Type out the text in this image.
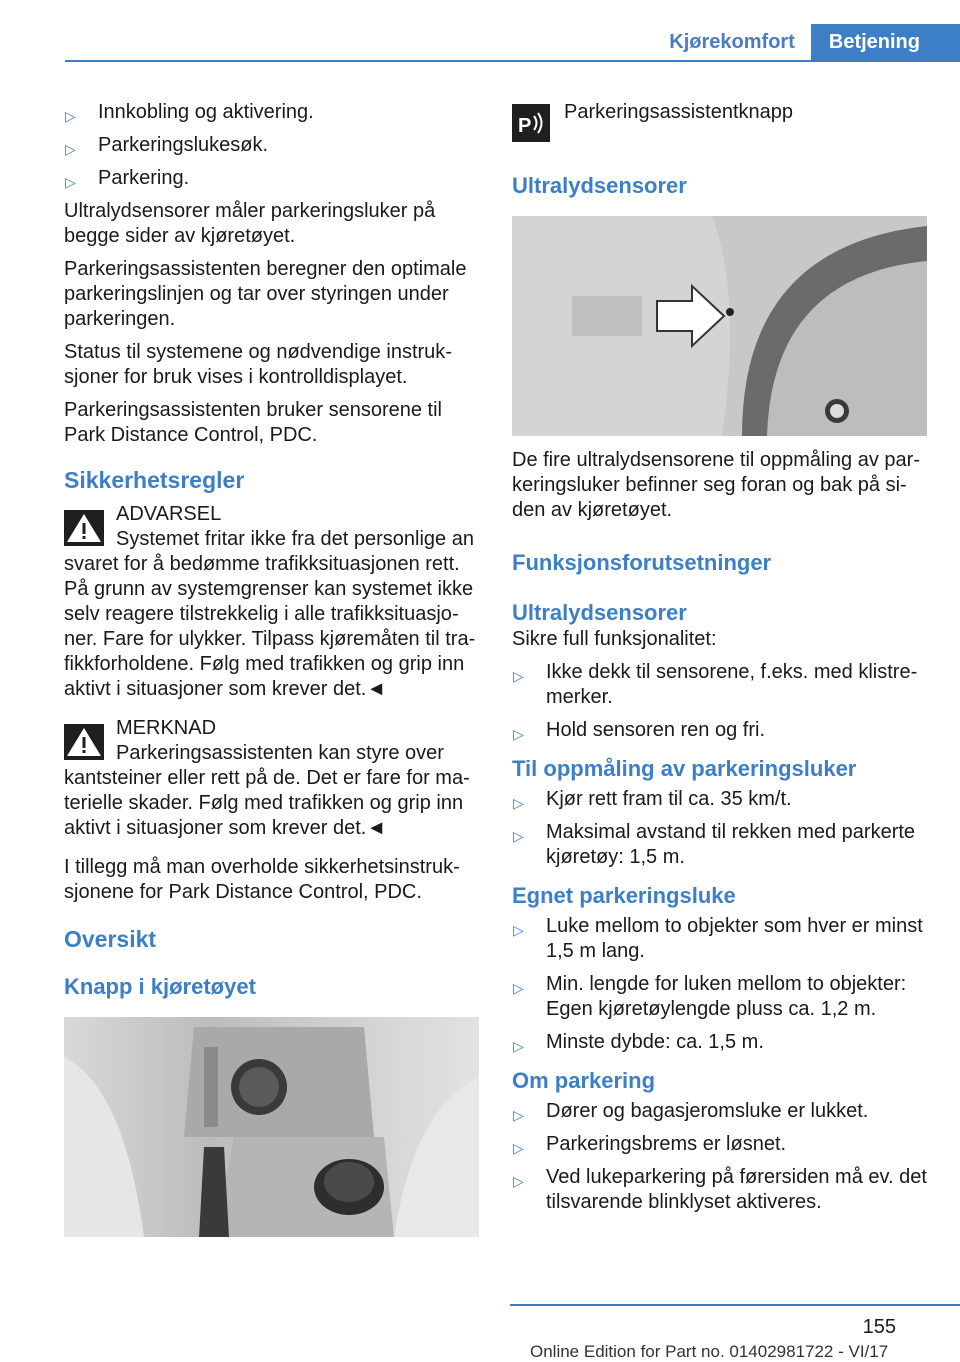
Kjørekomfort	Betjening
▷ Innkobling og aktivering.
▷ Parkeringslukesøk.
▷ Parkering.

Ultralydsensorer måler parkeringsluker på begge sider av kjøretøyet.

Parkeringsassistenten beregner den optimale parkeringslinjen og tar over styringen under parkeringen.

Status til systemene og nødvendige instruksjoner for bruk vises i kontrolldisplayet.

Parkeringsassistenten bruker sensorene til Park Distance Control, PDC.

Sikkerhetsregler
ADVARSEL
Systemet fritar ikke fra det personlige an
svaret for å bedømme trafikksituasjonen rett. På grunn av systemgrenser kan systemet ikke selv reagere tilstrekkelig i alle trafikksituasjoner. Fare for ulykker. Tilpass kjøremåten til trafikkforholdene. Følg med trafikken og grip inn aktivt i situasjoner som krever det.◄
MERKNAD
Parkeringsassistenten kan styre over
kantsteiner eller rett på de. Det er fare for materielle skader. Følg med trafikken og grip inn aktivt i situasjoner som krever det.◄

I tillegg må man overholde sikkerhetsinstruksjonene for Park Distance Control, PDC.

Oversikt
Knapp i kjøretøyet
P
Parkeringsassistentknapp
Ultralydsensorer

De fire ultralydsensorene til oppmåling av parkeringsluker befinner seg foran og bak på siden av kjøretøyet.

Funksjonsforutsetninger
Ultralydsensorer

Sikre full funksjonalitet:

▷ Ikke dekk til sensorene, f.eks. med klistremerker.
▷ Hold sensoren ren og fri.
Til oppmåling av parkeringsluker
▷ Kjør rett fram til ca. 35 km/t.
▷ Maksimal avstand til rekken med parkerte kjøretøy: 1,5 m.
Egnet parkeringsluke
▷ Luke mellom to objekter som hver er minst 1,5 m lang.
▷ Min. lengde for luken mellom to objekter: Egen kjøretøylengde pluss ca. 1,2 m.
▷ Minste dybde: ca. 1,5 m.
Om parkering
▷ Dører og bagasjeromsluke er lukket.
▷ Parkeringsbrems er løsnet.
▷ Ved lukeparkering på førersiden må ev. det tilsvarende blinklyset aktiveres.
155
Online Edition for Part no. 01402981722 - VI/17
